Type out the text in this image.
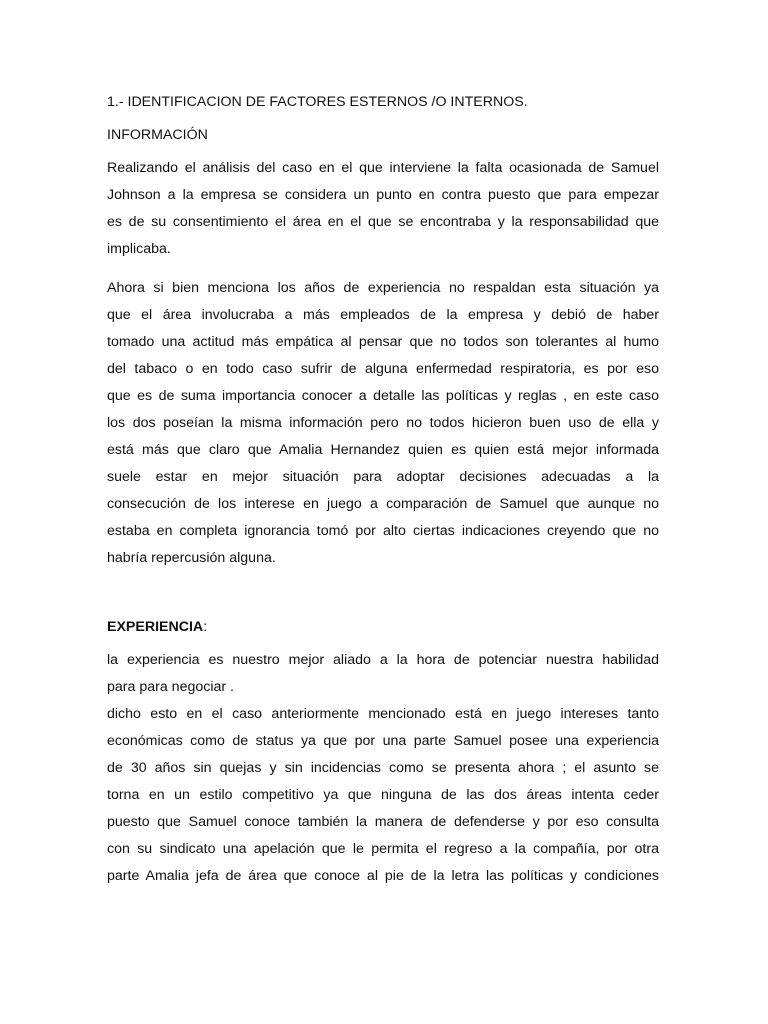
1.- IDENTIFICACION DE FACTORES ESTERNOS /O INTERNOS.
INFORMACIÓN
Realizando el análisis del caso en el que interviene la falta ocasionada de Samuel
Johnson a la empresa se considera un punto en contra puesto que para empezar
es de su consentimiento el área en el que se encontraba y la responsabilidad que
implicaba.
Ahora si bien menciona los años de experiencia no respaldan esta situación ya
que el área involucraba a más empleados de la empresa y debió de haber
tomado una actitud más empática al pensar que no todos son tolerantes al humo
del tabaco o en todo caso sufrir de alguna enfermedad respiratoria, es por eso
que es de suma importancia conocer a detalle las políticas y reglas , en este caso
los dos poseían la misma información pero no todos hicieron buen uso de ella y
está más que claro que Amalia Hernandez quien es quien está mejor informada
suele estar en mejor situación para adoptar decisiones adecuadas a la
consecución de los interese en juego a comparación de Samuel que aunque no
estaba en completa ignorancia tomó por alto ciertas indicaciones creyendo que no
habría repercusión alguna.
EXPERIENCIA:
la experiencia es nuestro mejor aliado a la hora de potenciar nuestra habilidad
para para negociar .
dicho esto en el caso anteriormente mencionado está en juego intereses tanto
económicas como de status ya que por una parte Samuel posee una experiencia
de 30 años sin quejas y sin incidencias como se presenta ahora ; el asunto se
torna en un estilo competitivo ya que ninguna de las dos áreas intenta ceder
puesto que Samuel conoce también la manera de defenderse y por eso consulta
con su sindicato una apelación que le permita el regreso a la compañía, por otra
parte Amalia jefa de área que conoce al pie de la letra las políticas y condiciones
